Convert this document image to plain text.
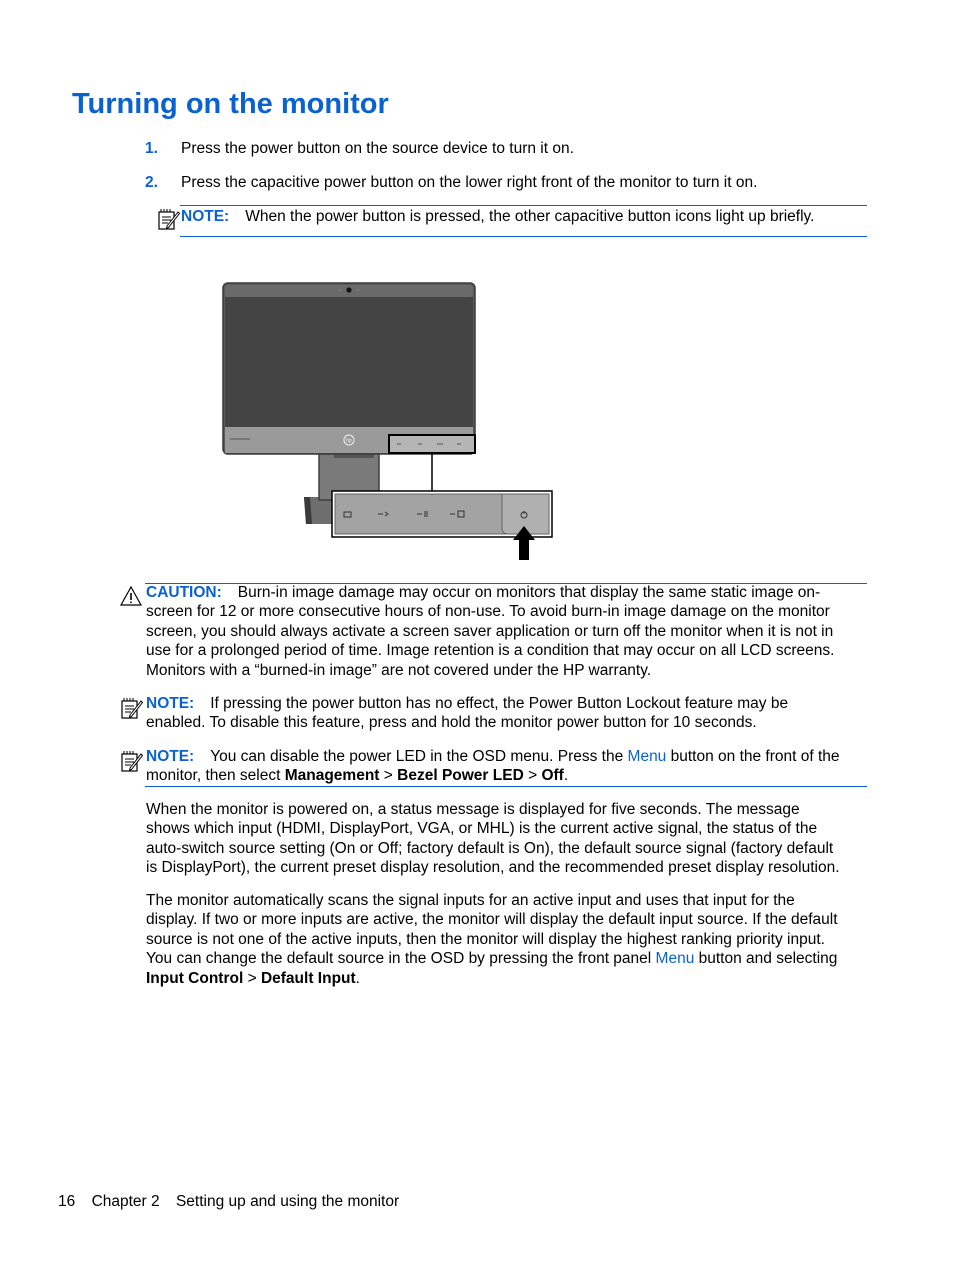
Turning on the monitor
1. Press the power button on the source device to turn it on.
2. Press the capacitive power button on the lower right front of the monitor to turn it on.
NOTE: When the power button is pressed, the other capacitive button icons light up briefly.
hp
CAUTION: Burn-in image damage may occur on monitors that display the same static image on-
screen for 12 or more consecutive hours of non-use. To avoid burn-in image damage on the monitor
screen, you should always activate a screen saver application or turn off the monitor when it is not in
use for a prolonged period of time. Image retention is a condition that may occur on all LCD screens.
Monitors with a “burned-in image” are not covered under the HP warranty.
NOTE: If pressing the power button has no effect, the Power Button Lockout feature may be
enabled. To disable this feature, press and hold the monitor power button for 10 seconds.
NOTE: You can disable the power LED in the OSD menu. Press the Menu button on the front of the
monitor, then select Management > Bezel Power LED > Off.
When the monitor is powered on, a status message is displayed for five seconds. The message
shows which input (HDMI, DisplayPort, VGA, or MHL) is the current active signal, the status of the
auto-switch source setting (On or Off; factory default is On), the default source signal (factory default
is DisplayPort), the current preset display resolution, and the recommended preset display resolution.
The monitor automatically scans the signal inputs for an active input and uses that input for the
display. If two or more inputs are active, the monitor will display the default input source. If the default
source is not one of the active inputs, then the monitor will display the highest ranking priority input.
You can change the default source in the OSD by pressing the front panel Menu button and selecting
Input Control > Default Input.
16 Chapter 2 Setting up and using the monitor
